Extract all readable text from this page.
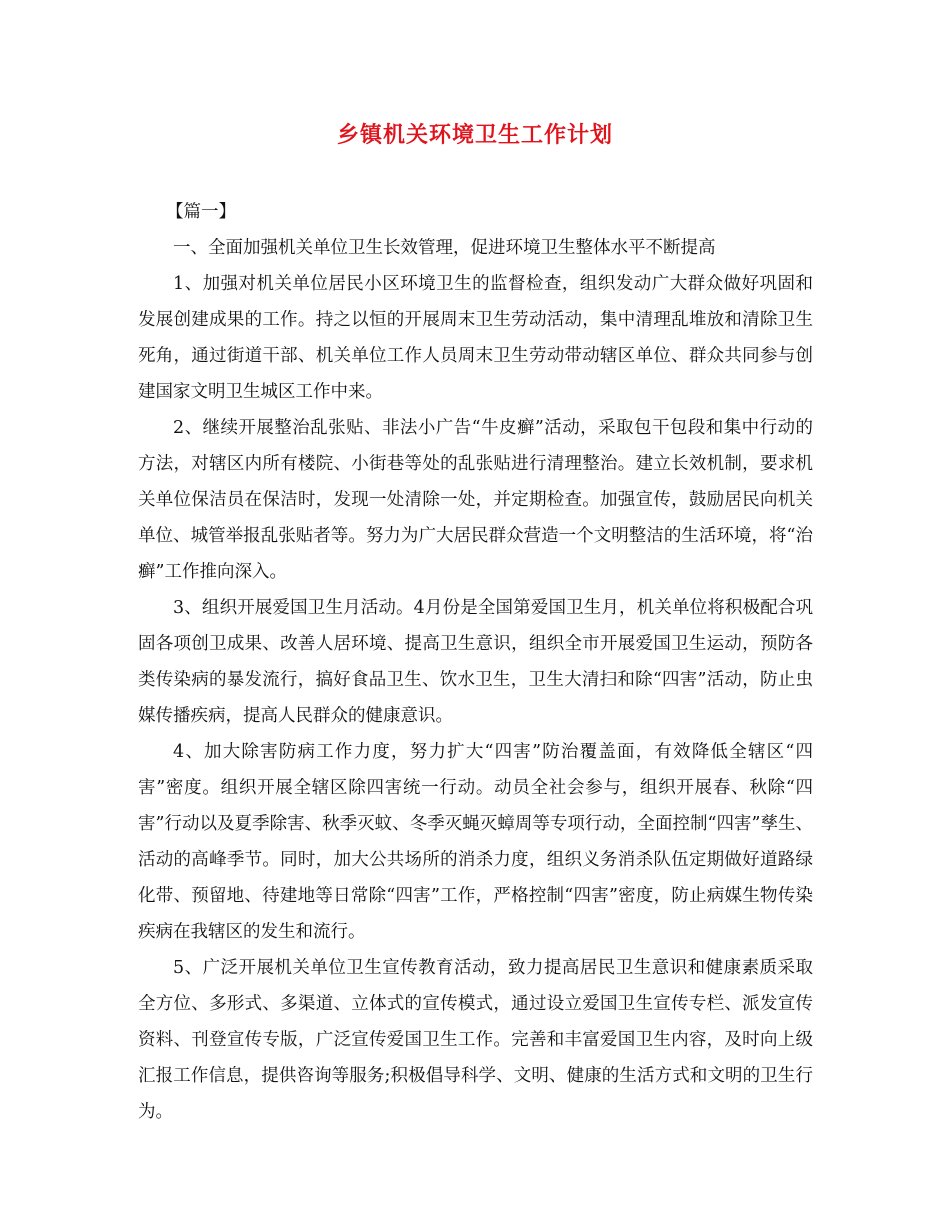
乡镇机关环境卫生工作计划

【篇一】

一、全面加强机关单位卫生长效管理，促进环境卫生整体水平不断提高

1、加强对机关单位居民小区环境卫生的监督检查，组织发动广大群众做好巩固和发展创建成果的工作。持之以恒的开展周末卫生劳动活动，集中清理乱堆放和清除卫生死角，通过街道干部、机关单位工作人员周末卫生劳动带动辖区单位、群众共同参与创建国家文明卫生城区工作中来。

2、继续开展整治乱张贴、非法小广告“牛皮癣”活动，采取包干包段和集中行动的方法，对辖区内所有楼院、小街巷等处的乱张贴进行清理整治。建立长效机制，要求机关单位保洁员在保洁时，发现一处清除一处，并定期检查。加强宣传，鼓励居民向机关单位、城管举报乱张贴者等。努力为广大居民群众营造一个文明整洁的生活环境，将“治癣”工作推向深入。

3、组织开展爱国卫生月活动。4月份是全国第爱国卫生月，机关单位将积极配合巩固各项创卫成果、改善人居环境、提高卫生意识，组织全市开展爱国卫生运动，预防各类传染病的暴发流行，搞好食品卫生、饮水卫生，卫生大清扫和除“四害”活动，防止虫媒传播疾病，提高人民群众的健康意识。

4、加大除害防病工作力度，努力扩大“四害”防治覆盖面，有效降低全辖区“四害”密度。组织开展全辖区除四害统一行动。动员全社会参与，组织开展春、秋除“四害”行动以及夏季除害、秋季灭蚊、冬季灭蝇灭蟑周等专项行动，全面控制“四害”孳生、活动的高峰季节。同时，加大公共场所的消杀力度，组织义务消杀队伍定期做好道路绿化带、预留地、待建地等日常除“四害”工作，严格控制“四害”密度，防止病媒生物传染疾病在我辖区的发生和流行。

5、广泛开展机关单位卫生宣传教育活动，致力提高居民卫生意识和健康素质采取全方位、多形式、多渠道、立体式的宣传模式，通过设立爱国卫生宣传专栏、派发宣传资料、刊登宣传专版，广泛宣传爱国卫生工作。完善和丰富爱国卫生内容，及时向上级汇报工作信息，提供咨询等服务;积极倡导科学、文明、健康的生活方式和文明的卫生行为。
